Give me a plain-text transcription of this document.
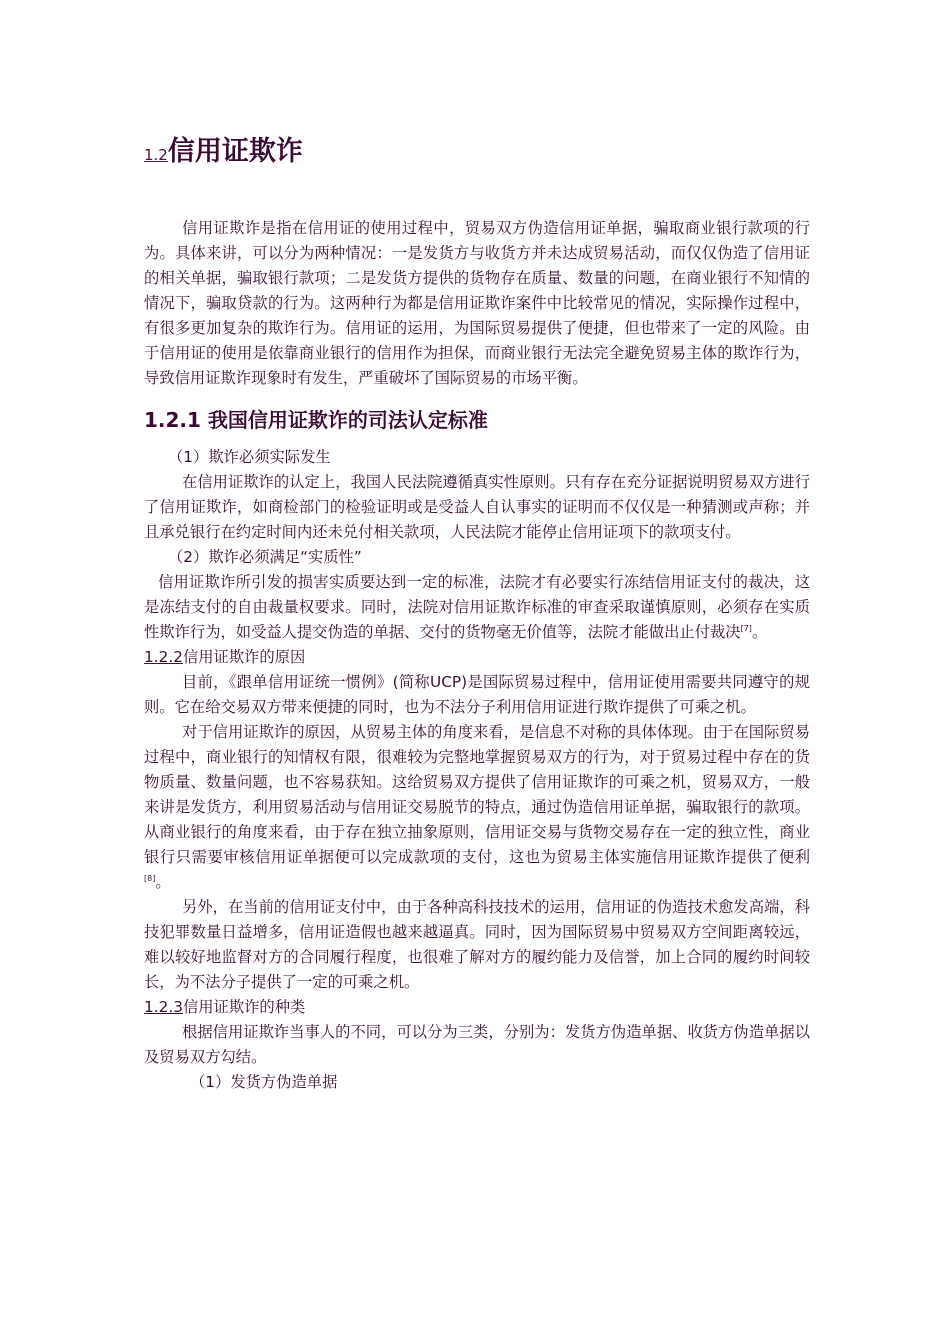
1.2信用证欺诈

信用证欺诈是指在信用证的使用过程中，贸易双方伪造信用证单据，骗取商业银行款项的行为。具体来讲，可以分为两种情况：一是发货方与收货方并未达成贸易活动，而仅仅伪造了信用证的相关单据，骗取银行款项；二是发货方提供的货物存在质量、数量的问题，在商业银行不知情的情况下，骗取贷款的行为。这两种行为都是信用证欺诈案件中比较常见的情况，实际操作过程中，有很多更加复杂的欺诈行为。信用证的运用，为国际贸易提供了便捷，但也带来了一定的风险。由于信用证的使用是依靠商业银行的信用作为担保，而商业银行无法完全避免贸易主体的欺诈行为，导致信用证欺诈现象时有发生，严重破坏了国际贸易的市场平衡。

1.2.1 我国信用证欺诈的司法认定标准

（1）欺诈必须实际发生

在信用证欺诈的认定上，我国人民法院遵循真实性原则。只有存在充分证据说明贸易双方进行了信用证欺诈，如商检部门的检验证明或是受益人自认事实的证明而不仅仅是一种猜测或声称；并且承兑银行在约定时间内还未兑付相关款项，人民法院才能停止信用证项下的款项支付。

（2）欺诈必须满足“实质性”

信用证欺诈所引发的损害实质要达到一定的标准，法院才有必要实行冻结信用证支付的裁决，这是冻结支付的自由裁量权要求。同时，法院对信用证欺诈标准的审查采取谨慎原则，必须存在实质性欺诈行为，如受益人提交伪造的单据、交付的货物毫无价值等，法院才能做出止付裁决[7]。

1.2.2信用证欺诈的原因

目前，《跟单信用证统一惯例》(简称UCP)是国际贸易过程中，信用证使用需要共同遵守的规则。它在给交易双方带来便捷的同时，也为不法分子利用信用证进行欺诈提供了可乘之机。

对于信用证欺诈的原因，从贸易主体的角度来看，是信息不对称的具体体现。由于在国际贸易过程中，商业银行的知情权有限，很难较为完整地掌握贸易双方的行为，对于贸易过程中存在的货物质量、数量问题，也不容易获知。这给贸易双方提供了信用证欺诈的可乘之机，贸易双方，一般来讲是发货方，利用贸易活动与信用证交易脱节的特点，通过伪造信用证单据，骗取银行的款项。从商业银行的角度来看，由于存在独立抽象原则，信用证交易与货物交易存在一定的独立性，商业银行只需要审核信用证单据便可以完成款项的支付，这也为贸易主体实施信用证欺诈提供了便利[8]。

另外，在当前的信用证支付中，由于各种高科技技术的运用，信用证的伪造技术愈发高端，科技犯罪数量日益增多，信用证造假也越来越逼真。同时，因为国际贸易中贸易双方空间距离较远，难以较好地监督对方的合同履行程度，也很难了解对方的履约能力及信誉，加上合同的履约时间较长，为不法分子提供了一定的可乘之机。

1.2.3信用证欺诈的种类

根据信用证欺诈当事人的不同，可以分为三类，分别为：发货方伪造单据、收货方伪造单据以及贸易双方勾结。

（1）发货方伪造单据
